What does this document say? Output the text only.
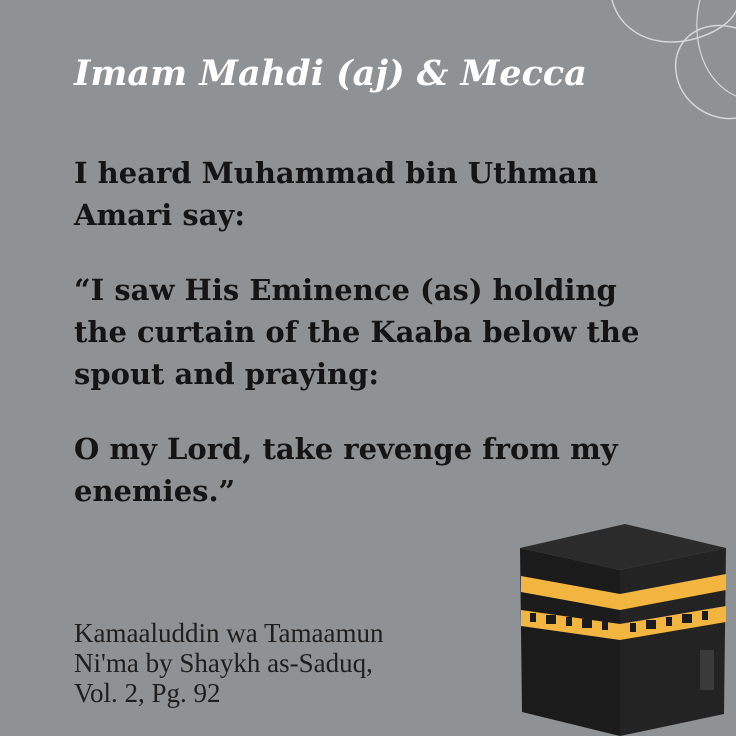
Imam Mahdi (aj) & Mecca

I heard Muhammad bin Uthman
Amari say:

“I saw His Eminence (as) holding
the curtain of the Kaaba below the
spout and praying:

O my Lord, take revenge from my
enemies.”

Kamaaluddin wa Tamaamun
Ni'ma by Shaykh as-Saduq,
Vol. 2, Pg. 92
